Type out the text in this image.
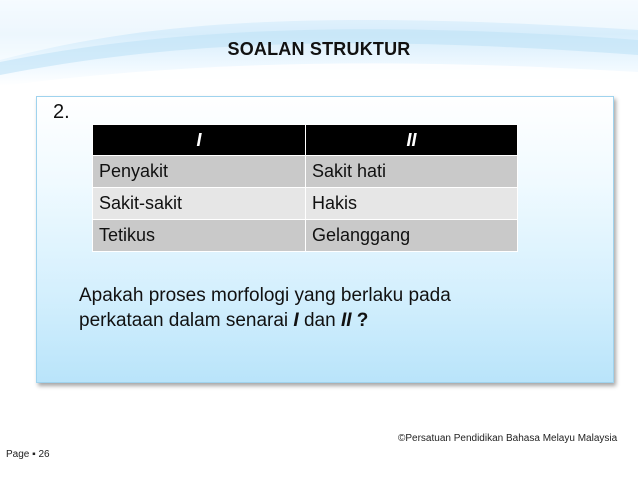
SOALAN STRUKTUR
2.
I	II
Penyakit	Sakit hati
Sakit-sakit	Hakis
Tetikus	Gelanggang
Apakah proses morfologi yang berlaku pada
perkataan dalam senarai I dan II ?
©Persatuan Pendidikan Bahasa Melayu Malaysia
Page ▪ 26
